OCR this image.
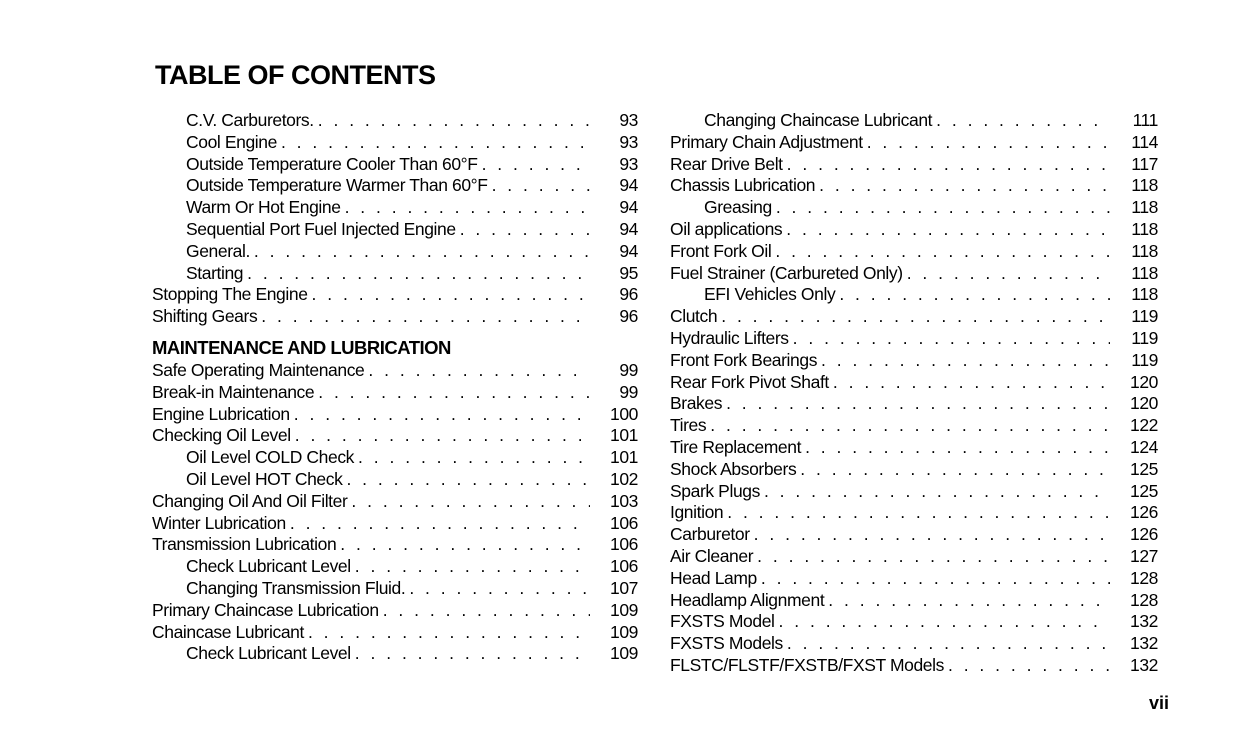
TABLE OF CONTENTS
C.V. Carburetors. . . .	93
Cool Engine . . .	93
Outside Temperature Cooler Than 60°F . . .	93
Outside Temperature Warmer Than 60°F . . .	94
Warm Or Hot Engine . . .	94
Sequential Port Fuel Injected Engine . . .	94
General. . . .	94
Starting . . .	95
Stopping The Engine . . .	96
Shifting Gears . . .	96
MAINTENANCE AND LUBRICATION
Safe Operating Maintenance . . .	99
Break-in Maintenance . . .	99
Engine Lubrication . . .	100
Checking Oil Level . . .	101
Oil Level COLD Check . . .	101
Oil Level HOT Check . . .	102
Changing Oil And Oil Filter . . .	103
Winter Lubrication . . .	106
Transmission Lubrication . . .	106
Check Lubricant Level . . .	106
Changing Transmission Fluid. . . .	107
Primary Chaincase Lubrication . . .	109
Chaincase Lubricant . . .	109
Check Lubricant Level . . .	109
Changing Chaincase Lubricant . . .	111
Primary Chain Adjustment . . .	114
Rear Drive Belt . . .	117
Chassis Lubrication . . .	118
Greasing . . .	118
Oil applications . . .	118
Front Fork Oil . . .	118
Fuel Strainer (Carbureted Only) . . .	118
EFI Vehicles Only . . .	118
Clutch . . .	119
Hydraulic Lifters . . .	119
Front Fork Bearings . . .	119
Rear Fork Pivot Shaft . . .	120
Brakes . . .	120
Tires . . .	122
Tire Replacement . . .	124
Shock Absorbers . . .	125
Spark Plugs . . .	125
Ignition . . .	126
Carburetor . . .	126
Air Cleaner . . .	127
Head Lamp . . .	128
Headlamp Alignment . . .	128
FXSTS Model . . .	132
FXSTS Models . . .	132
FLSTC/FLSTF/FXSTB/FXST Models . . .	132
vii
